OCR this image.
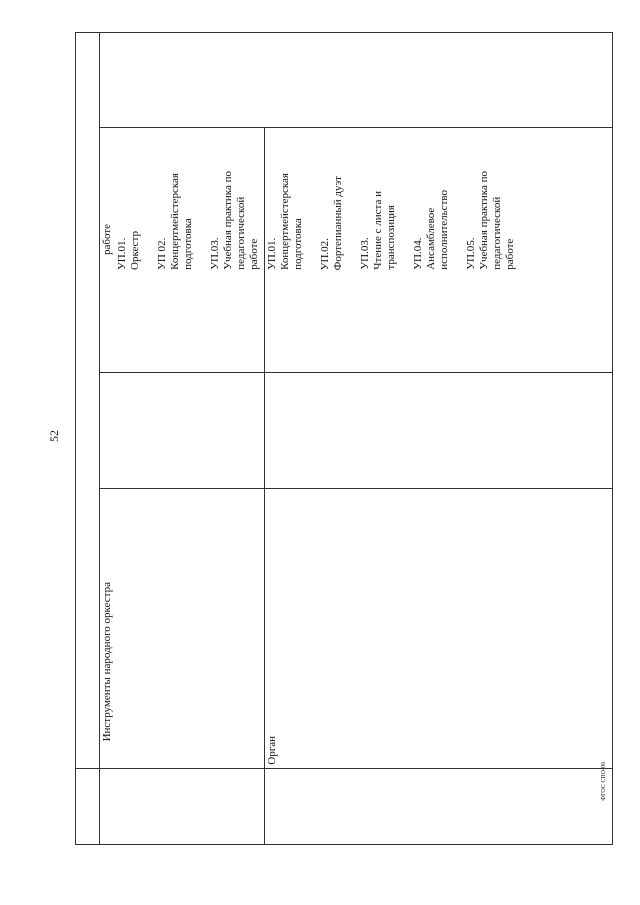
52
работе УП.01. Оркестр УП 02. Концертмейстерская подготовка УП.03. Учебная практика по педагогической работе
Инструменты народного оркестра
УП.01. Концертмейстерская подготовка УП.02. Фортепианный дуэт УП.03. Чтение с листа и транспозиция УП.04. Ансамблевое исполнительство УП.05. Учебная практика по педагогической работе
Орган
ФГОС СПО-06
